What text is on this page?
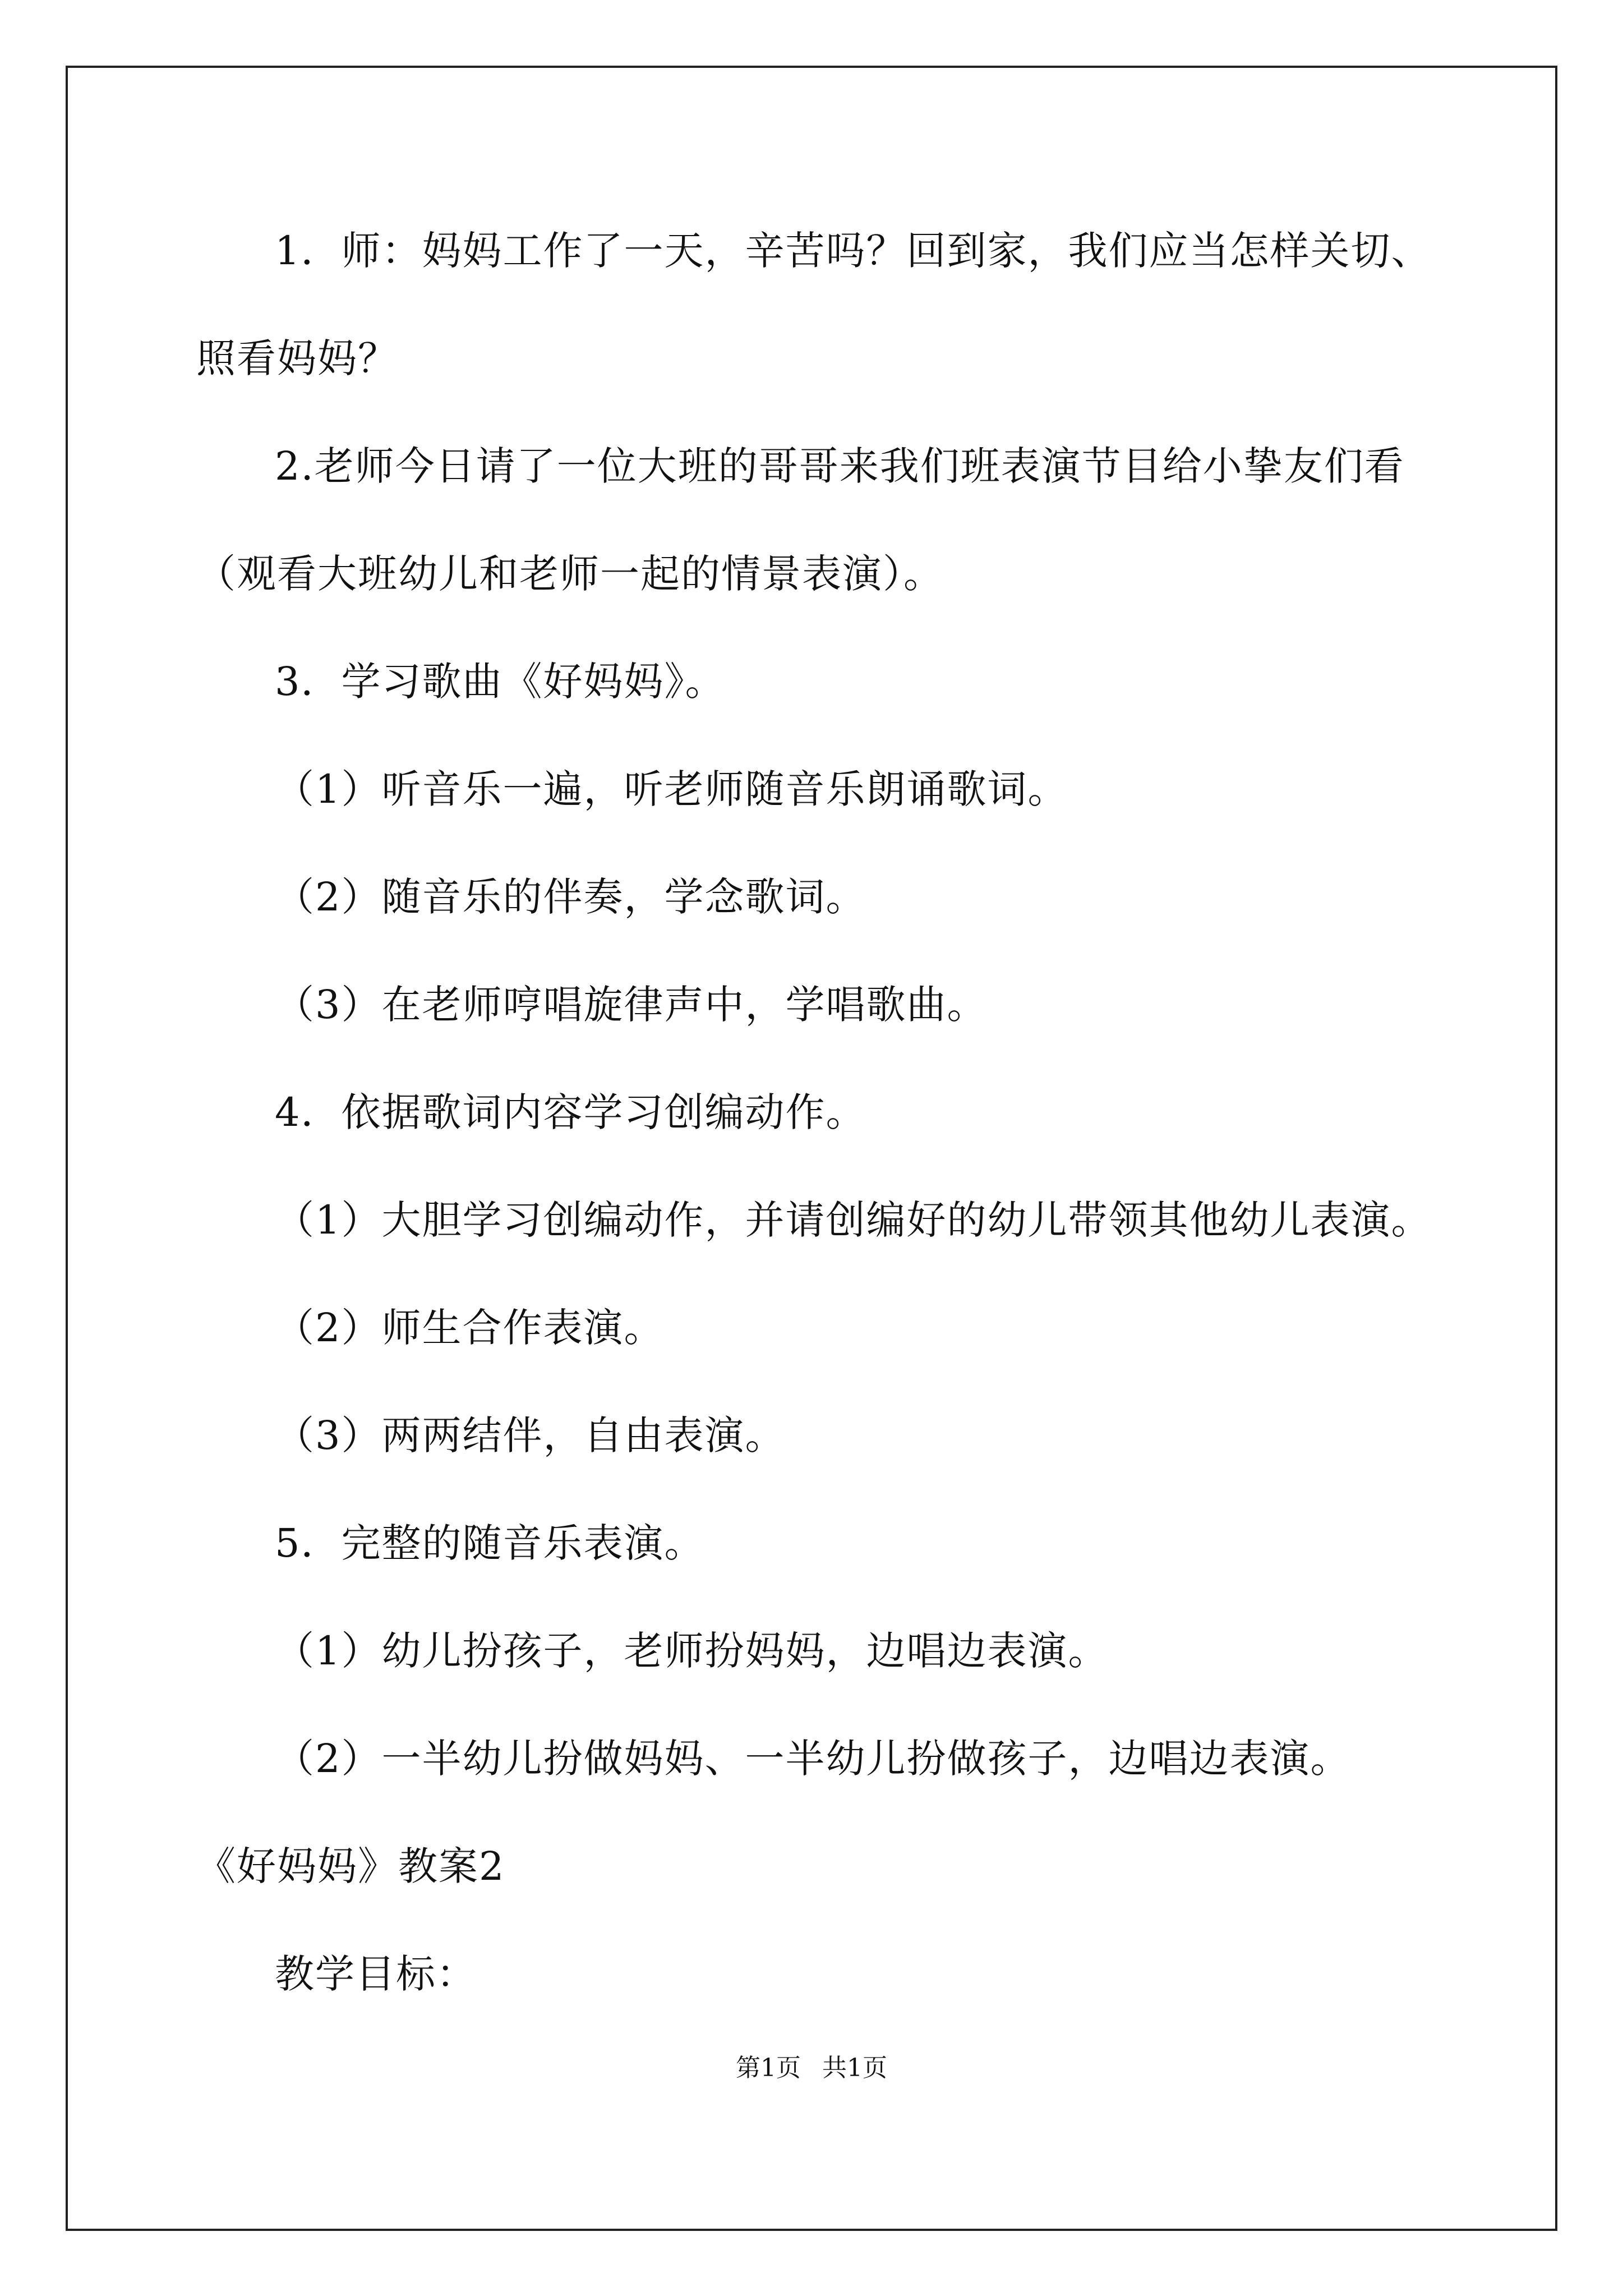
1．师：妈妈工作了一天，辛苦吗？回到家，我们应当怎样关切、
照看妈妈？
2.老师今日请了一位大班的哥哥来我们班表演节目给小挚友们看
（观看大班幼儿和老师一起的情景表演）。
3．学习歌曲《好妈妈》。
（1）听音乐一遍，听老师随音乐朗诵歌词。
（2）随音乐的伴奏，学念歌词。
（3）在老师哼唱旋律声中，学唱歌曲。
4．依据歌词内容学习创编动作。
（1）大胆学习创编动作，并请创编好的幼儿带领其他幼儿表演。
（2）师生合作表演。
（3）两两结伴，自由表演。
5．完整的随音乐表演。
（1）幼儿扮孩子，老师扮妈妈，边唱边表演。
（2）一半幼儿扮做妈妈、一半幼儿扮做孩子，边唱边表演。
《好妈妈》教案2
教学目标：
第1页 共1页
